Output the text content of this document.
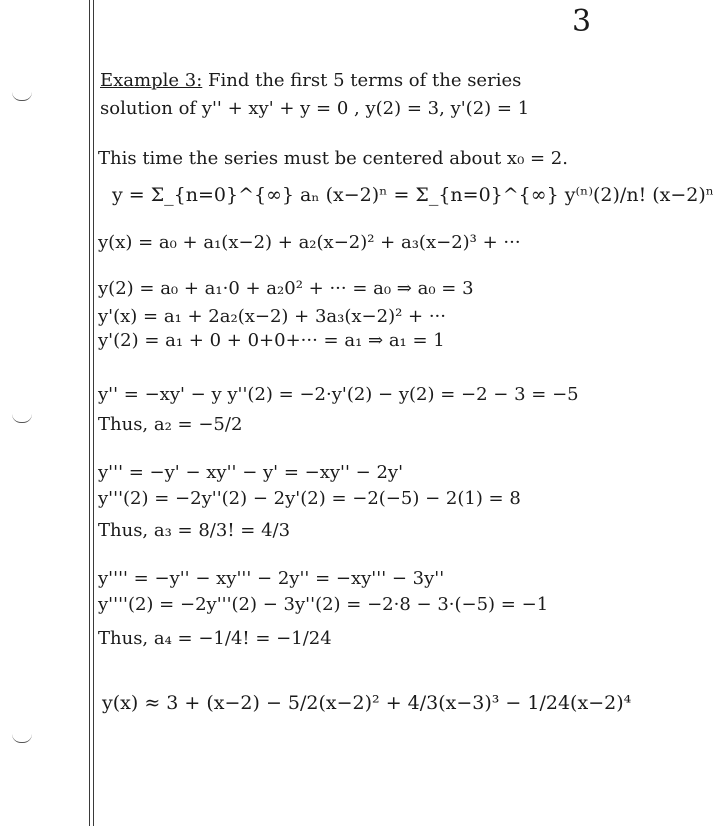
3
Example 3: Find the first 5 terms of the series
solution of y'' + xy' + y = 0 , y(2) = 3, y'(2) = 1
This time the series must be centered about x₀ = 2.
y = Σ_{n=0}^{∞} aₙ (x−2)ⁿ = Σ_{n=0}^{∞} y⁽ⁿ⁾(2)/n! (x−2)ⁿ
y(x) = a₀ + a₁(x−2) + a₂(x−2)² + a₃(x−2)³ + ···
y(2) = a₀ + a₁·0 + a₂0² + ··· = a₀ ⇒ a₀ = 3
y'(x) = a₁ + 2a₂(x−2) + 3a₃(x−2)² + ···
y'(2) = a₁ + 0 + 0+0+··· = a₁ ⇒ a₁ = 1
y'' = −xy' − y y''(2) = −2·y'(2) − y(2) = −2 − 3 = −5
Thus, a₂ = −5/2
y''' = −y' − xy'' − y' = −xy'' − 2y'
y'''(2) = −2y''(2) − 2y'(2) = −2(−5) − 2(1) = 8
Thus, a₃ = 8/3! = 4/3
y'''' = −y'' − xy''' − 2y'' = −xy''' − 3y''
y''''(2) = −2y'''(2) − 3y''(2) = −2·8 − 3·(−5) = −1
Thus, a₄ = −1/4! = −1/24
y(x) ≈ 3 + (x−2) − 5/2(x−2)² + 4/3(x−3)³ − 1/24(x−2)⁴
